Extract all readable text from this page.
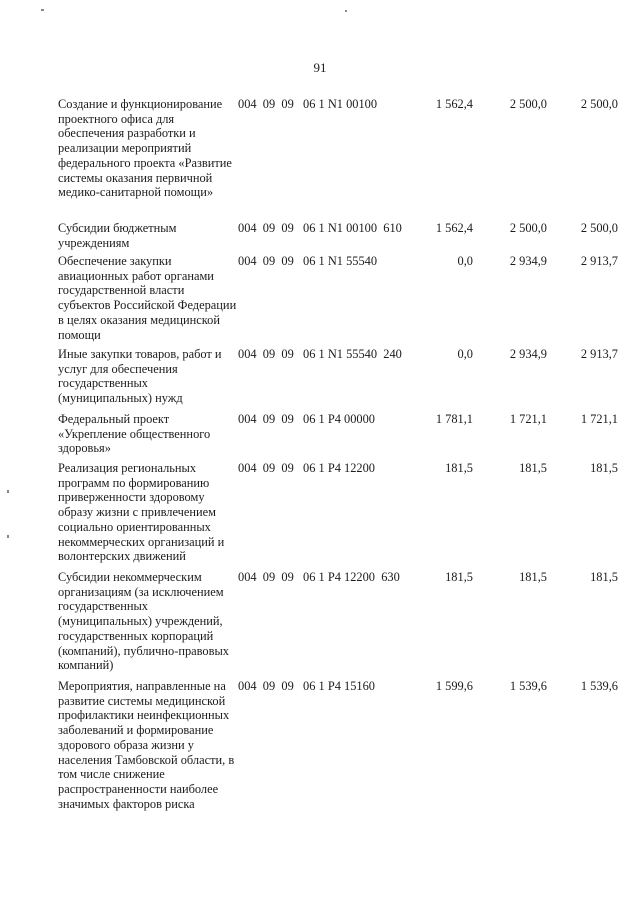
91
Создание и функционирование проектного офиса для обеспечения разработки и реализации мероприятий федерального проекта «Развитие системы оказания первичной медико-санитарной помощи»
004  09  09   06 1 N1 00100	1 562,4	2 500,0	2 500,0
Субсидии бюджетным учреждениям
004  09  09   06 1 N1 00100  610	1 562,4	2 500,0	2 500,0
Обеспечение закупки авиационных работ органами государственной власти субъектов Российской Федерации в целях оказания медицинской помощи
004  09  09   06 1 N1 55540	0,0	2 934,9	2 913,7
Иные закупки товаров, работ и услуг для обеспечения государственных (муниципальных) нужд
004  09  09   06 1 N1 55540  240	0,0	2 934,9	2 913,7
Федеральный проект «Укрепление общественного здоровья»
004  09  09   06 1 P4 00000	1 781,1	1 721,1	1 721,1
Реализация региональных программ по формированию приверженности здоровому образу жизни с привлечением социально ориентированных некоммерческих организаций и волонтерских движений
004  09  09   06 1 P4 12200	181,5	181,5	181,5
Субсидии некоммерческим организациям (за исключением государственных (муниципальных) учреждений, государственных корпораций (компаний), публично-правовых компаний)
004  09  09   06 1 P4 12200  630	181,5	181,5	181,5
Мероприятия, направленные на развитие системы медицинской профилактики неинфекционных заболеваний и формирование здорового образа жизни у населения Тамбовской области, в том числе снижение распространенности наиболее значимых факторов риска
004  09  09   06 1 P4 15160	1 599,6	1 539,6	1 539,6
